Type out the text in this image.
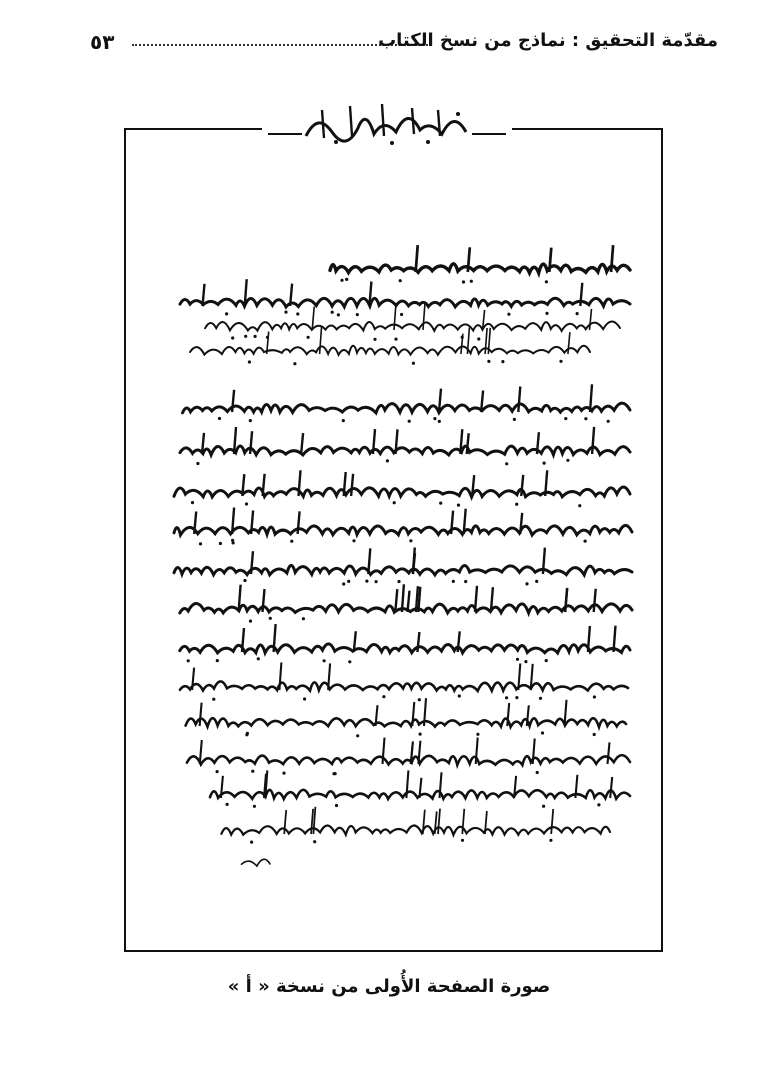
٥٣	مقدّمة التحقيق : نماذج من نسخ الكتاب
صورة الصفحة الأُولى من نسخة « أ »
